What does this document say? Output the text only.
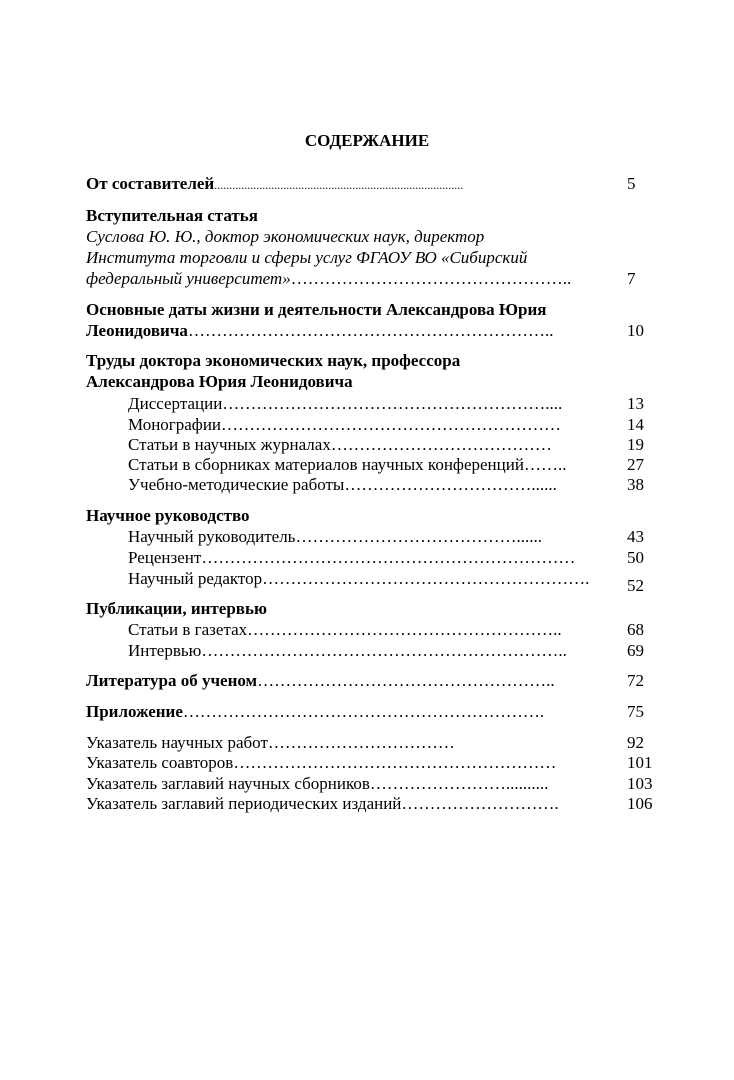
СОДЕРЖАНИЕ
От составителей...................................................................................	5
Вступительная статья
Суслова Ю. Ю., доктор экономических наук, директор
Института торговли и сферы услуг ФГАОУ ВО «Сибирский
федеральный университет»…………………………………………..	7
Основные даты жизни и деятельности Александрова Юрия
Леонидовича………………………………………………………..	10
Труды доктора экономических наук, профессора
Александрова Юрия Леонидовича
Диссертации…………………………………………………....	13
Монографии……………………………………………………	14
Статьи в научных журналах…………………………………	19
Статьи в сборниках материалов научных конференций……..	27
Учебно-методические работы……………………………......	38
Научное руководство
Научный руководитель…………………………………......	43
Рецензент…………………………………………………………	50
Научный редактор…………………………………………………. 52
Публикации, интервью
Статьи в газетах………………………………………………..	68
Интервью………………………………………………………..	69
Литература об ученом……………………………………………..	72
Приложение……………………………………………………….	75
Указатель научных работ……………………………	92
Указатель соавторов…………………………………………………	101
Указатель заглавий научных сборников……………………..........	103
Указатель заглавий периодических изданий……………………….	106
